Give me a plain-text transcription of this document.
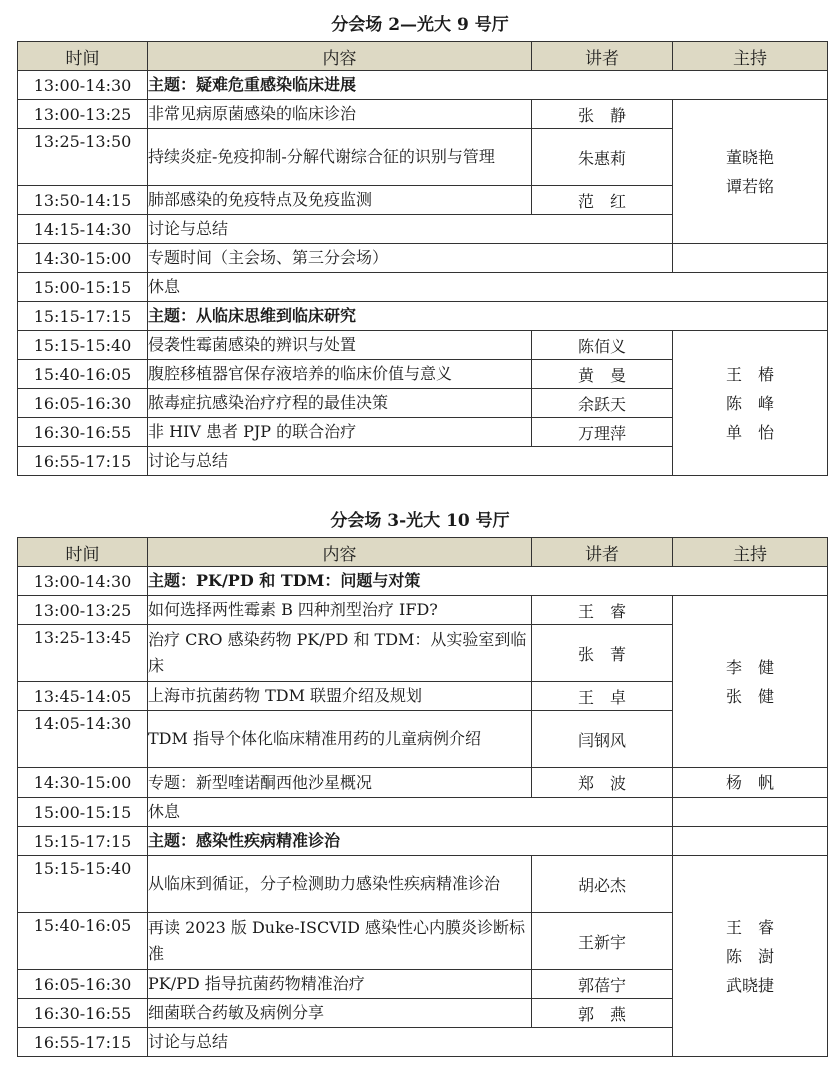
分会场 2—光大 9 号厅
时间	内容	讲者	主持
13:00-14:30	主题：疑难危重感染临床进展		
13:00-13:25	非常见病原菌感染的临床诊治	张　静	董晓艳
谭若铭

13:25-13:50	持续炎症-免疫抑制-分解代谢综合征的识别与管理	朱惠莉	
13:50-14:15	肺部感染的免疫特点及免疫监测	范　红	
14:15-14:30	讨论与总结		
14:30-15:00	专题时间（主会场、第三分会场）		
15:00-15:15	休息		
15:15-17:15	主题：从临床思维到临床研究		
15:15-15:40	侵袭性霉菌感染的辨识与处置	陈佰义	王　椿
陈　峰
单　怡

15:40-16:05	腹腔移植器官保存液培养的临床价值与意义	黄　曼	
16:05-16:30	脓毒症抗感染治疗疗程的最佳决策	余跃天	
16:30-16:55	非 HIV 患者 PJP 的联合治疗	万理萍	
16:55-17:15	讨论与总结		
分会场 3-光大 10 号厅
时间	内容	讲者	主持
13:00-14:30	主题：PK/PD 和 TDM：问题与对策		
13:00-13:25	如何选择两性霉素 B 四种剂型治疗 IFD?	王　睿	李　健
张　健

13:25-13:45	治疗 CRO 感染药物 PK/PD 和 TDM：从实验室到临床	张　菁	
13:45-14:05	上海市抗菌药物 TDM 联盟介绍及规划	王　卓	
14:05-14:30	TDM 指导个体化临床精准用药的儿童病例介绍	闫钢风	
14:30-15:00	专题：新型喹诺酮西他沙星概况	郑　波	杨　帆
15:00-15:15	休息		
15:15-17:15	主题：感染性疾病精准诊治		
15:15-15:40	从临床到循证，分子检测助力感染性疾病精准诊治	胡必杰	王　睿
陈　澍
武晓捷

15:40-16:05	再读 2023 版 Duke-ISCVID 感染性心内膜炎诊断标准	王新宇	
16:05-16:30	PK/PD 指导抗菌药物精准治疗	郭蓓宁	
16:30-16:55	细菌联合药敏及病例分享	郭　燕	
16:55-17:15	讨论与总结		
